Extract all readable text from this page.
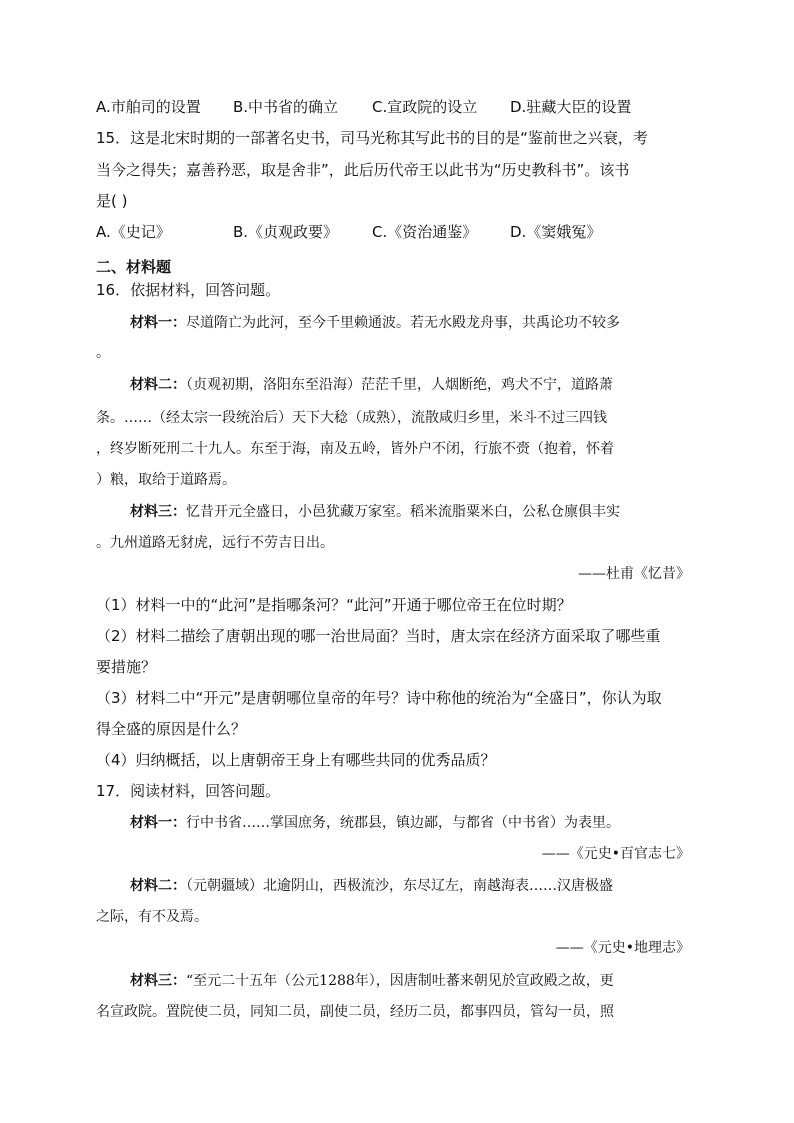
A.市舶司的设置 B.中书省的确立 C.宣政院的设立 D.驻藏大臣的设置
15．这是北宋时期的一部著名史书，司马光称其写此书的目的是“鉴前世之兴衰，考
当今之得失；嘉善矜恶，取是舍非”，此后历代帝王以此书为“历史教科书”。该书
是( )
A.《史记》	B.《贞观政要》 C.《资治通鉴》 D.《窦娥冤》
二、材料题
16．依据材料，回答问题。
材料一：尽道隋亡为此河，至今千里赖通波。若无水殿龙舟事，共禹论功不较多
。
材料二：（贞观初期，洛阳东至沿海）茫茫千里，人烟断绝，鸡犬不宁，道路萧
条。……（经太宗一段统治后）天下大稔（成熟），流散咸归乡里，米斗不过三四钱
，终岁断死刑二十九人。东至于海，南及五岭，皆外户不闭，行旅不赍（抱着，怀着
）粮，取给于道路焉。
材料三：忆昔开元全盛日，小邑犹藏万家室。稻米流脂粟米白，公私仓廪俱丰实
。九州道路无豺虎，远行不劳吉日出。
——杜甫《忆昔》
（1）材料一中的“此河”是指哪条河？“此河”开通于哪位帝王在位时期？
（2）材料二描绘了唐朝出现的哪一治世局面？当时，唐太宗在经济方面采取了哪些重
要措施？
（3）材料二中“开元”是唐朝哪位皇帝的年号？诗中称他的统治为“全盛日”，你认为取
得全盛的原因是什么？
（4）归纳概括，以上唐朝帝王身上有哪些共同的优秀品质？
17．阅读材料，回答问题。
材料一：行中书省……掌国庶务，统郡县，镇边鄙，与都省（中书省）为表里。
——《元史•百官志七》
材料二：（元朝疆域）北逾阴山，西极流沙，东尽辽左，南越海表……汉唐极盛
之际，有不及焉。
——《元史•地理志》
材料三：“至元二十五年（公元1288年），因唐制吐蕃来朝见於宣政殿之故，更
名宣政院。置院使二员，同知二员，副使二员，经历二员，都事四员，管勾一员，照
